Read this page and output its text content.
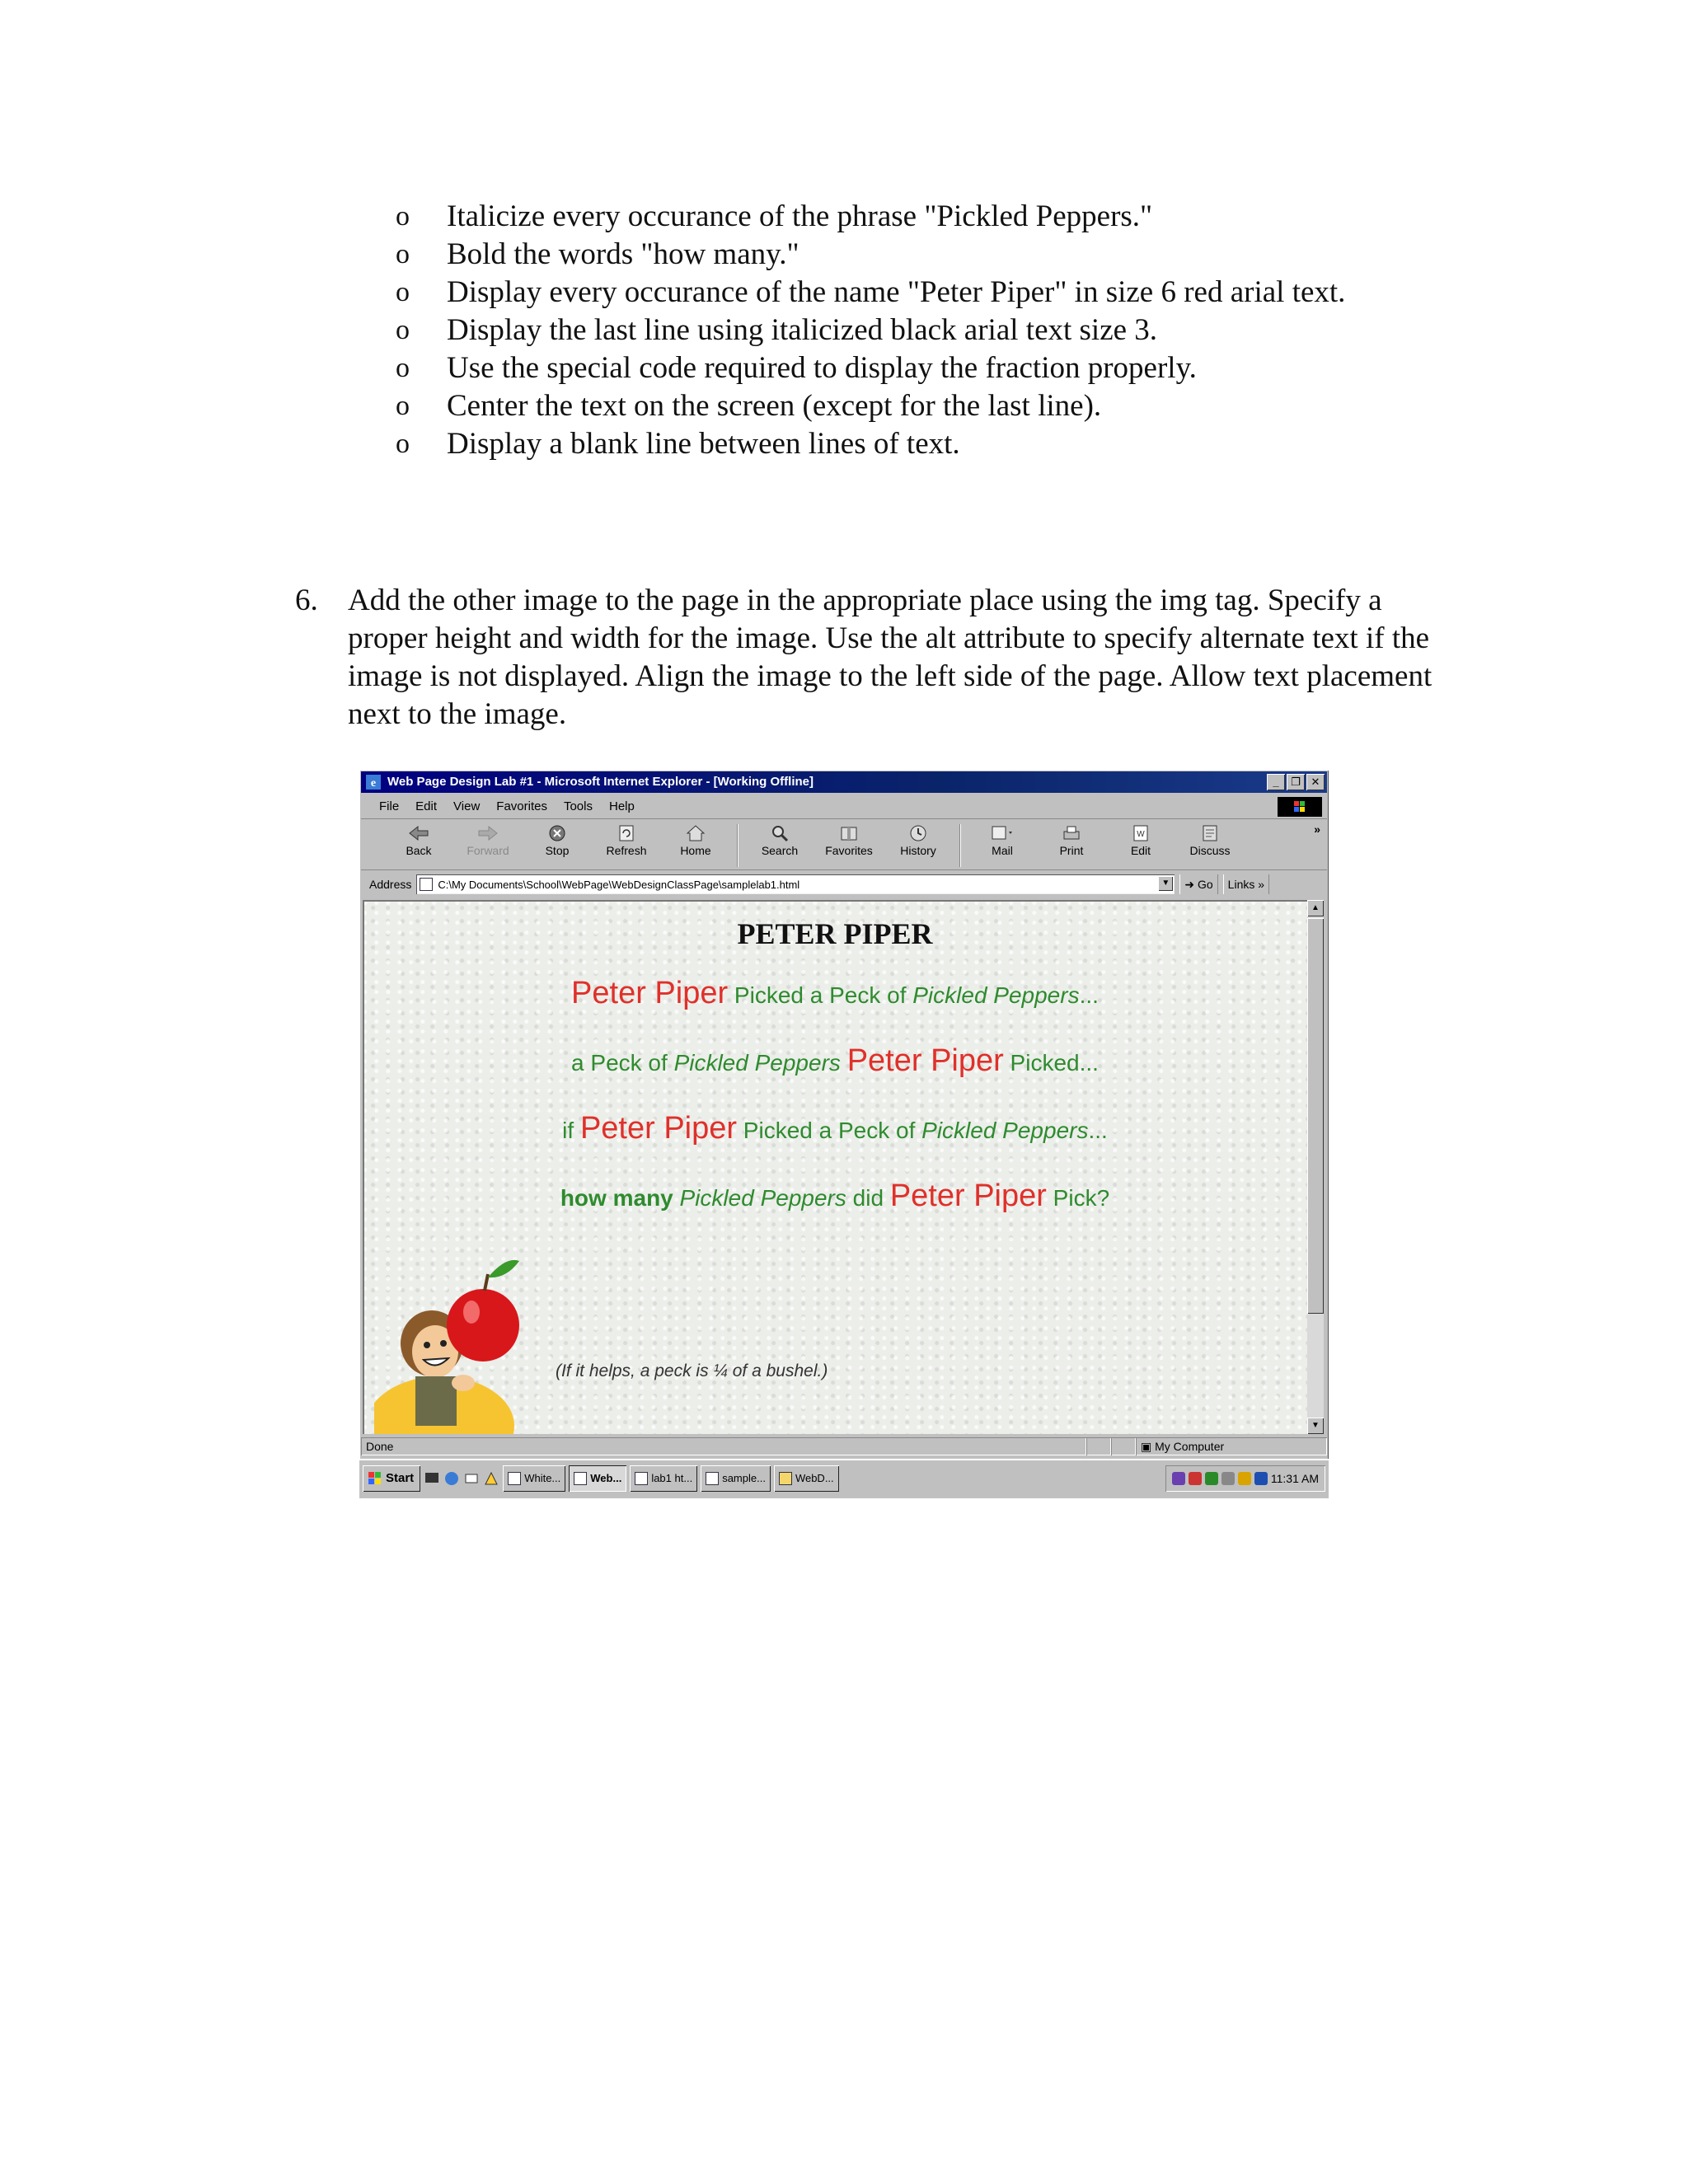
o Italicize every occurance of the phrase "Pickled Peppers."
o Bold the words "how many."
o Display every occurance of the name "Peter Piper" in size 6 red arial text.
o Display the last line using italicized black arial text size 3.
o Use the special code required to display the fraction properly.
o Center the text on the screen (except for the last line).
o Display a blank line between lines of text.
6. Add the other image to the page in the appropriate place using the img tag. Specify a proper height and width for the image. Use the alt attribute to specify alternate text if the image is not displayed. Align the image to the left side of the page. Allow text placement next to the image.
e Web Page Design Lab #1 - Microsoft Internet Explorer - [Working Offline]	_	❐ ✕
File Edit View Favorites Tools Help
Back	Forward	Stop	Refresh	Home	Search	Favorites	History	Mail	Print
W
Edit	Discuss
»
Address C:\My Documents\School\WebPage\WebDesignClassPage\samplelab1.html	▼	➜ Go	Links »
PETER PIPER
Peter Piper Picked a Peck of Pickled Peppers...
a Peck of Pickled Peppers Peter Piper Picked...
if Peter Piper Picked a Peck of Pickled Peppers...
how many Pickled Peppers did Peter Piper Pick?
(If it helps, a peck is ¼ of a bushel.)
▲
▼
Done	▣ My Computer
Start	White...	Web...	lab1 ht...	sample...	WebD...	11:31 AM
